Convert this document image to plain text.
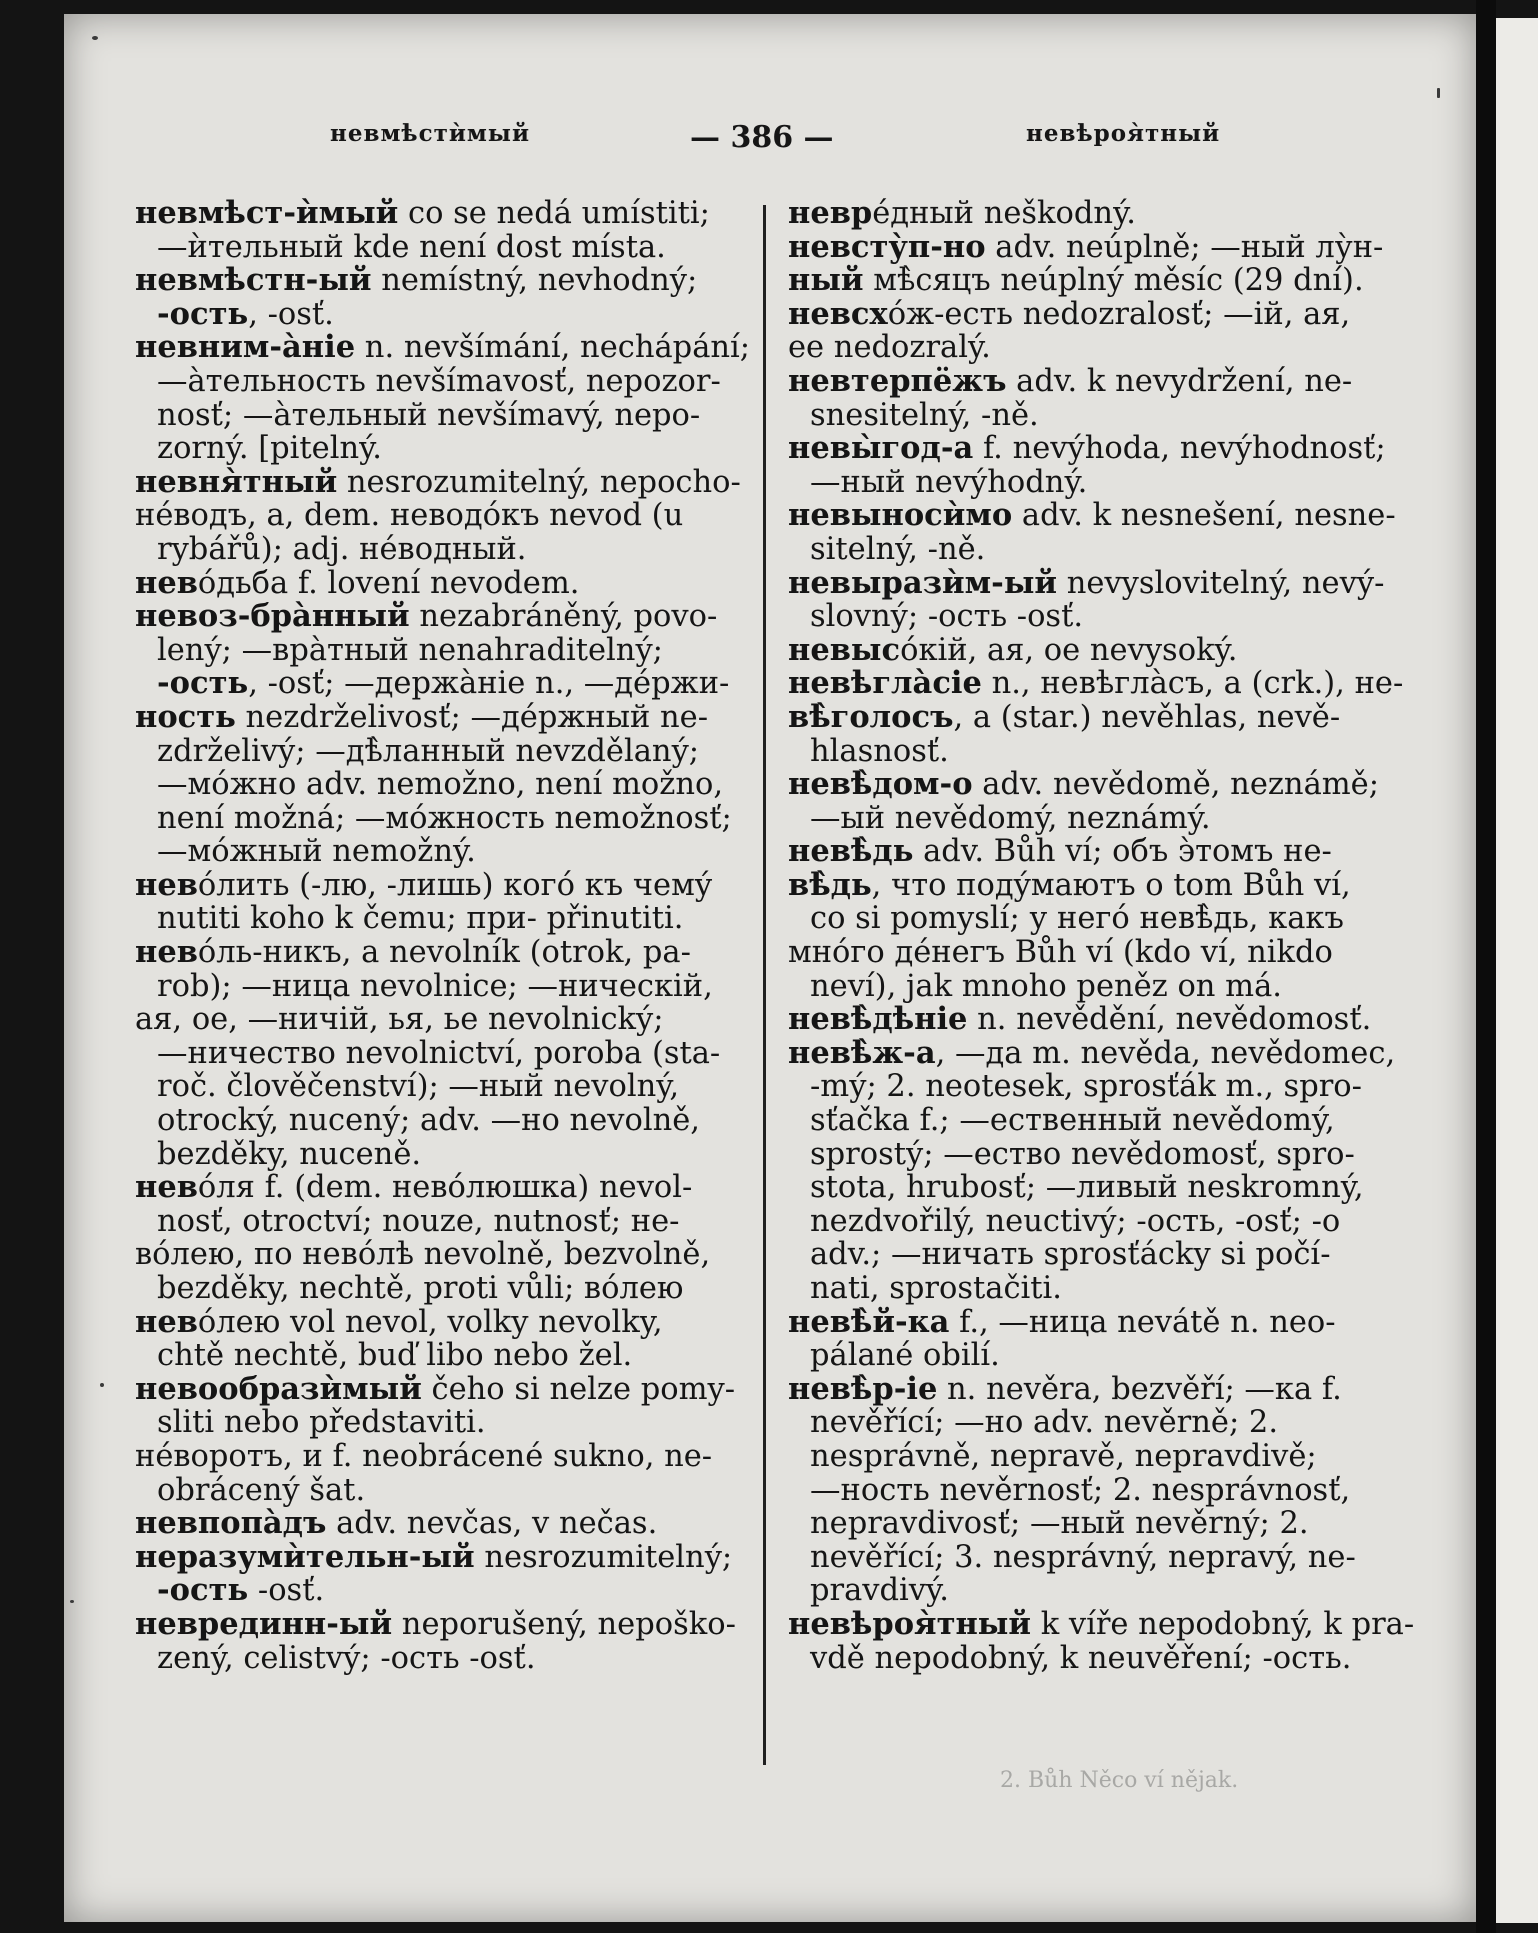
невмѣстѝмый	— 386 —	невѣроя̀тный
невмѣст-ѝмый co se nedá umístiti;
—ѝтельный kde není dost místa.
невмѣстн-ый nemístný, nevhodný;
-ость, -osť.
невним-а̀ніе n. nevšímání, nechápání;
—а̀тельность nevšímavosť, nepozor-
nosť; —а̀тельный nevšímavý, nepo-
zorný. [pitelný.
невня̀тный nesrozumitelný, nepocho-
нéводъ, a, dem. неводóкъ nevod (u
rybářů); adj. нéводный.
невóдьба f. lovení nevodem.
невоз-бра̀нный nezabráněný, povo-
lený; —вра̀тный nenahraditelný;
-ость, -osť; —держа̀ніе n., —дéржи-
ность nezdrželivosť; —дéржный ne-
zdrželivý; —дѣ̀ланный nevzdělaný;
—мóжно adv. nemožno, není možno,
není možná; —мóжность nemožnosť;
—мóжный nemožný.
невóлить (-лю, -лишь) когó къ чемý
nutiti koho k čemu; при- přinutiti.
невóль-никъ, a nevolník (otrok, pa-
rob); —ница nevolnice; —ническій,
ая, ое, —ничій, ья, ье nevolnický;
—ничество nevolnictví, poroba (sta-
roč. člověčenství); —ный nevolný,
otrocký, nucený; adv. —но nevolně,
bezděky, nuceně.
невóля f. (dem. невóлюшка) nevol-
nosť, otroctví; nouze, nutnosť; не-
вóлею, по невóлѣ nevolně, bezvolně,
bezděky, nechtě, proti vůli; вóлею
невóлею vol nevol, volky nevolky,
chtě nechtě, buď libo nebo žel.
невообразѝмый čeho si nelze pomy-
sliti nebo představiti.
нéворотъ, и f. neobrácené sukno, ne-
obrácený šat.
невпопа̀дъ adv. nevčas, v nečas.
неразумѝтельн-ый nesrozumitelný;
-ость -osť.
неврединн-ый neporušený, nepoško-
zený, celistvý; -ость -osť.
неврéдный neškodný.
невсту̀п-но adv. neúplně; —ный лу̀н-
ный мѣ̀сяцъ neúplný měsíc (29 dní).
невсхóж-есть nedozralosť; —ій, ая,
ее nedozralý.
невтерпёжъ adv. k nevydržení, ne-
snesitelný, -ně.
невы̀год-а f. nevýhoda, nevýhodnosť;
—ный nevýhodný.
невыносѝмо adv. k nesnešení, nesne-
sitelný, -ně.
невыразѝм-ый nevyslovitelný, nevý-
slovný; -ость -osť.
невысóкій, ая, ое nevysoký.
невѣгла̀сіе n., невѣгла̀съ, a (crk.), не-
вѣ̀голосъ, a (star.) nevěhlas, nevě-
hlasnosť.
невѣ̀дом-о adv. nevědomě, neznámě;
—ый nevědomý, neznámý.
невѣ̀дь adv. Bůh ví; объ э̀томъ не-
вѣ̀дь, что подýмаютъ o tom Bůh ví,
co si pomyslí; у негó невѣ̀дь, какъ
мнóго дéнегъ Bůh ví (kdo ví, nikdo
neví), jak mnoho peněz on má.
невѣ̀дѣніе n. nevědění, nevědomosť.
невѣ̀ж-а, —да m. nevěda, nevědomec,
-mý; 2. neotesek, sprosťák m., spro-
sťačka f.; —ественный nevědomý,
sprostý; —ество nevědomosť, spro-
stota, hrubosť; —ливый neskromný,
nezdvořilý, neuctivý; -ость, -osť; -о
adv.; —ничать sprosťácky si počí-
nati, sprostačiti.
невѣ̀й-ка f., —ница nevátě n. neo-
pálané obilí.
невѣ̀р-іе n. nevěra, bezvěří; —ка f.
nevěřící; —но adv. nevěrně; 2.
nesprávně, nepravě, nepravdivě;
—ность nevěrnosť; 2. nesprávnosť,
nepravdivosť; —ный nevěrný; 2.
nevěřící; 3. nesprávný, nepravý, ne-
pravdivý.
невѣроя̀тный k víře nepodobný, k pra-
vdě nepodobný, k neuvěření; -ость.
2. Bůh Něco ví nějak.
